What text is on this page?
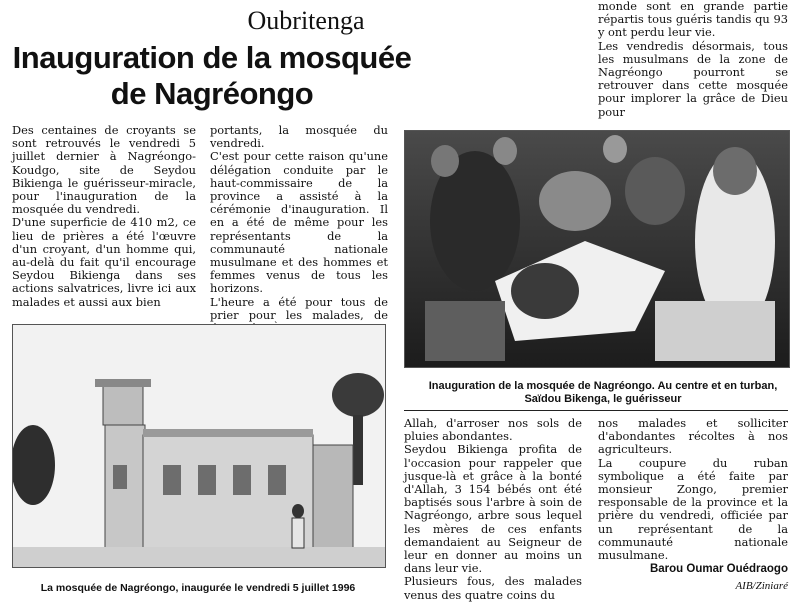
Oubritenga
Inauguration de la mosquée
de Nagréongo

Des centaines de croyants se sont retrouvés le vendredi 5 juillet dernier à Nagréongo-Koudgo, site de Seydou Bikienga le guérisseur-miracle, pour l'inauguration de la mosquée du vendredi.

D'une superficie de 410 m2, ce lieu de prières a été l'œuvre d'un croyant, d'un homme qui, au-delà du fait qu'il encourage Seydou Bikienga dans ses actions salvatrices, livre ici aux malades et aussi aux bien

portants, la mosquée du vendredi.

C'est pour cette raison qu'une délégation conduite par le haut-commissaire de la province a assisté à la cérémonie d'inauguration. Il en a été de même pour les représentants de la communauté nationale musulmane et des hommes et femmes venus de tous les horizons.

L'heure a été pour tous de prier pour les malades, de

monde sont en grande partie répartis tous guéris tandis qu 93 y ont perdu leur vie.

Les vendredis désormais, tous les musulmans de la zone de Nagréongo pourront se retrouver dans cette mosquée pour implorer la grâce de Dieu pour

Inauguration de la mosquée de Nagréongo. Au centre et en turban, Saïdou Bikenga, le guérisseur
La mosquée de Nagréongo, inaugurée le vendredi 5 juillet 1996

Allah, d'arroser nos sols de pluies abondantes.

Seydou Bikienga profita de l'occasion pour rappeler que jusque-là et grâce à la bonté d'Allah, 3 154 bébés ont été baptisés sous l'arbre à soin de Nagréongo, arbre sous lequel les mères de ces enfants demandaient au Seigneur de leur en donner au moins un dans leur vie.

Plusieurs fous, des malades venus des quatre coins du

nos malades et solliciter d'abondantes récoltes à nos agriculteurs.

La coupure du ruban symbolique a été faite par monsieur Zongo, premier responsable de la province et la prière du vendredi, officiée par un représentant de la communauté nationale musulmane.

Barou Oumar Ouédraogo
AIB/Ziniaré
